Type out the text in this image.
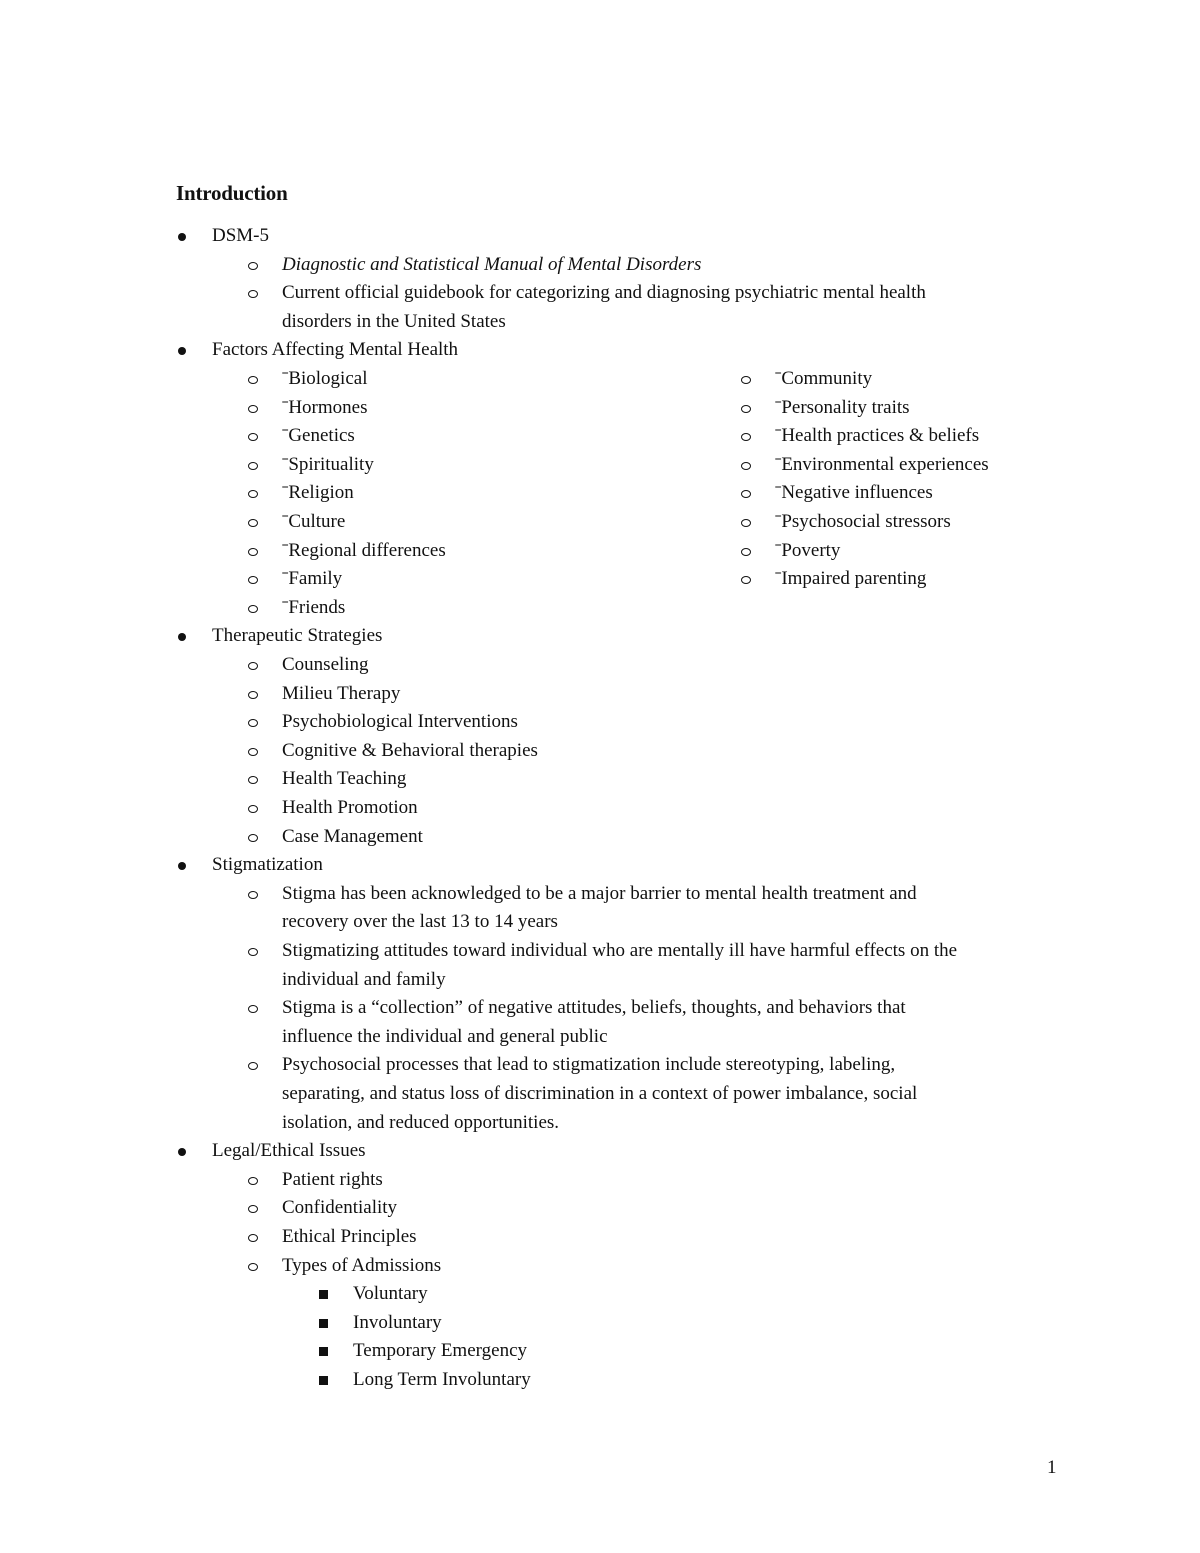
Introduction
DSM-5
Diagnostic and Statistical Manual of Mental Disorders
Current official guidebook for categorizing and diagnosing psychiatric mental health
disorders in the United States
Factors Affecting Mental Health
ˉBiological
ˉHormones
ˉGenetics
ˉSpirituality
ˉReligion
ˉCulture
ˉRegional differences
ˉFamily
ˉFriends
ˉCommunity
ˉPersonality traits
ˉHealth practices & beliefs
ˉEnvironmental experiences
ˉNegative influences
ˉPsychosocial stressors
ˉPoverty
ˉImpaired parenting
Therapeutic Strategies
Counseling
Milieu Therapy
Psychobiological Interventions
Cognitive & Behavioral therapies
Health Teaching
Health Promotion
Case Management
Stigmatization
Stigma has been acknowledged to be a major barrier to mental health treatment and
recovery over the last 13 to 14 years
Stigmatizing attitudes toward individual who are mentally ill have harmful effects on the
individual and family
Stigma is a “collection” of negative attitudes, beliefs, thoughts, and behaviors that
influence the individual and general public
Psychosocial processes that lead to stigmatization include stereotyping, labeling,
separating, and status loss of discrimination in a context of power imbalance, social
isolation, and reduced opportunities.
Legal/Ethical Issues
Patient rights
Confidentiality
Ethical Principles
Types of Admissions
Voluntary
Involuntary
Temporary Emergency
Long Term Involuntary
1
